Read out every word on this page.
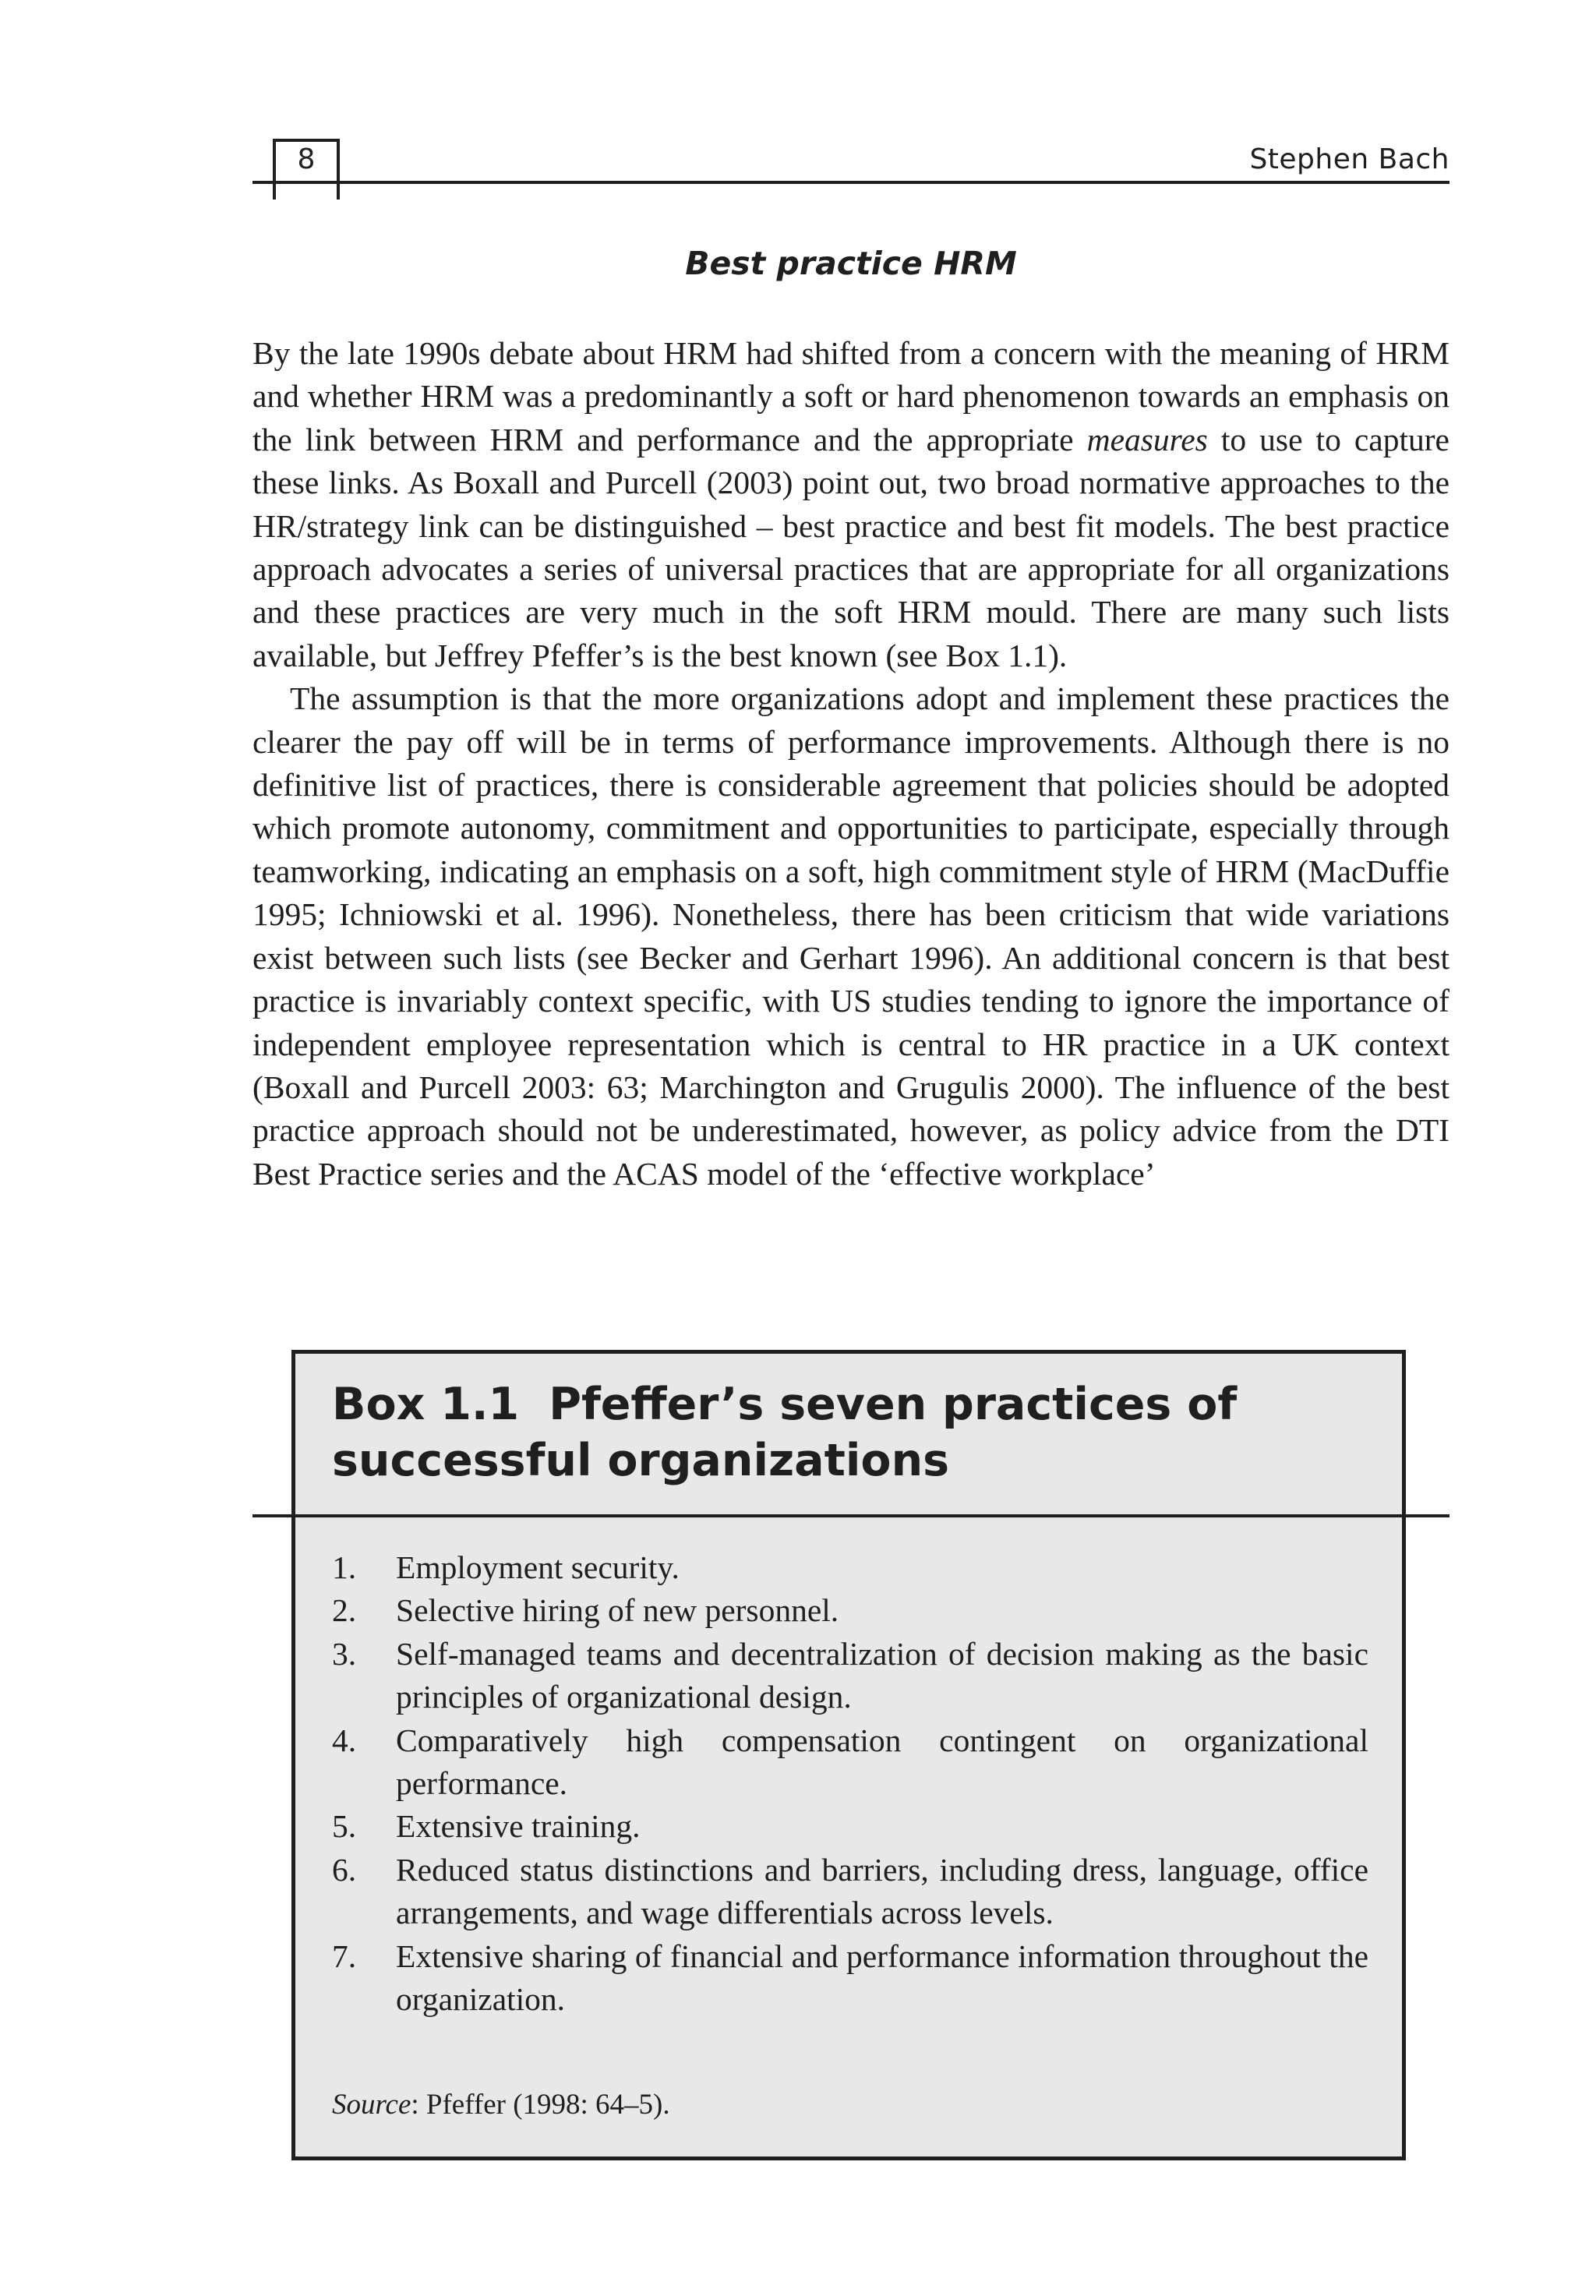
8	Stephen Bach
Best practice HRM

By the late 1990s debate about HRM had shifted from a concern with the meaning of HRM and whether HRM was a predominantly a soft or hard phenomenon towards an emphasis on the link between HRM and performance and the appropriate measures to use to capture these links. As Boxall and Purcell (2003) point out, two broad normative approaches to the HR/strategy link can be distinguished – best practice and best fit models. The best practice approach advocates a series of universal practices that are appropriate for all organizations and these practices are very much in the soft HRM mould. There are many such lists available, but Jeffrey Pfeffer’s is the best known (see Box 1.1).

The assumption is that the more organizations adopt and implement these practices the clearer the pay off will be in terms of performance improvements. Although there is no definitive list of practices, there is considerable agreement that policies should be adopted which promote autonomy, commitment and opportunities to participate, especially through teamworking, indicating an emphasis on a soft, high commitment style of HRM (MacDuffie 1995; Ichniowski et al. 1996). Nonetheless, there has been criticism that wide variations exist between such lists (see Becker and Gerhart 1996). An additional concern is that best practice is invariably context specific, with US studies tending to ignore the importance of independent employee representation which is central to HR practice in a UK context (Boxall and Purcell 2003: 63; Marchington and Grugulis 2000). The influence of the best practice approach should not be underestimated, however, as policy advice from the DTI Best Practice series and the ACAS model of the ‘effective workplace’

Box 1.1 Pfeffer’s seven practices of
successful organizations
1.	Employment security.
2.	Selective hiring of new personnel.
3.	Self-managed teams and decentralization of decision making as the basic principles of organizational design.
4.	Comparatively high compensation contingent on organizational performance.
5.	Extensive training.
6.	Reduced status distinctions and barriers, including dress, language, office arrangements, and wage differentials across levels.
7.	Extensive sharing of financial and performance information throughout the organization.
Source: Pfeffer (1998: 64–5).
